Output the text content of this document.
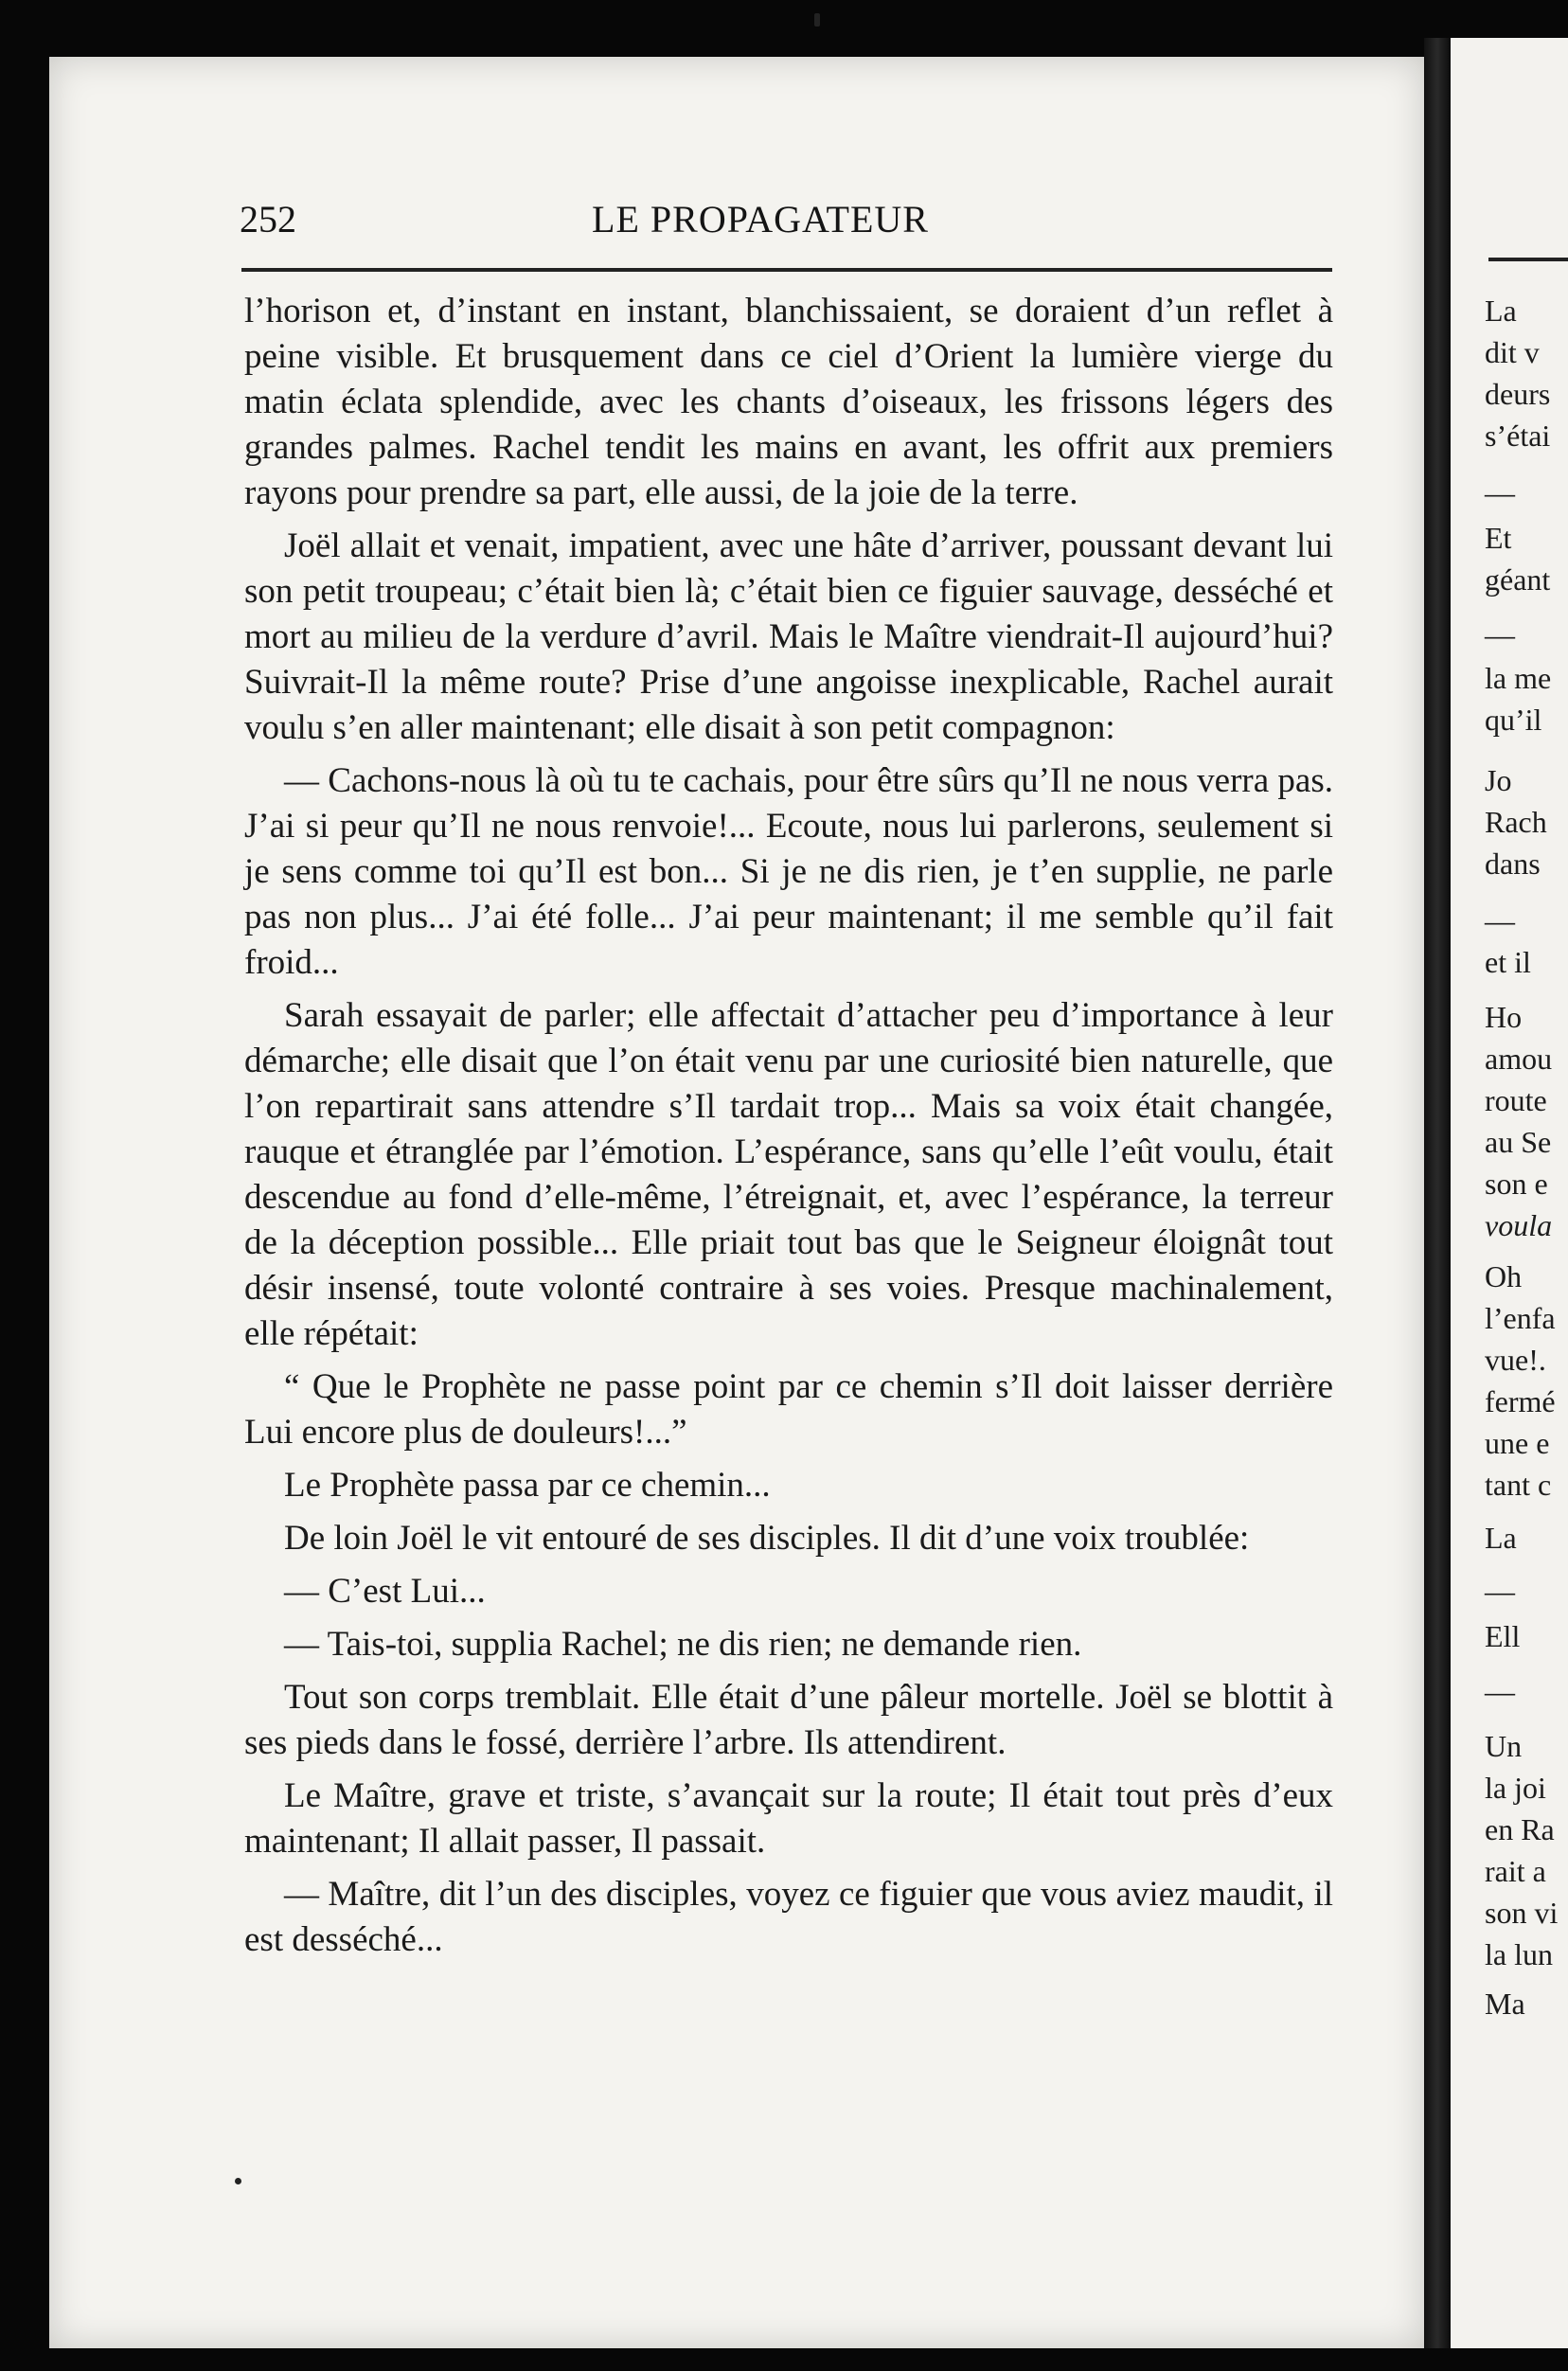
La
dit v
deurs
s’étai
—
Et
géant
—
la me
qu’il
Jo
Rach
dans
—
et il
Ho
amou
route
au Se
son e
voula
Oh
l’enfa
vue!.
fermé
une e
tant c
La
—
Ell
—
Un
la joi
en Ra
rait a
son vi
la lun
Ma
252	LE PROPAGATEUR

l’horison et, d’instant en instant, blanchissaient, se doraient d’un reflet à peine visible. Et brusquement dans ce ciel d’Orient la lumière vierge du matin éclata splendide, avec les chants d’oiseaux, les frissons légers des grandes palmes. Rachel tendit les mains en avant, les offrit aux premiers rayons pour prendre sa part, elle aussi, de la joie de la terre.

Joël allait et venait, impatient, avec une hâte d’arriver, poussant devant lui son petit troupeau; c’était bien là; c’était bien ce figuier sauvage, desséché et mort au milieu de la verdure d’avril. Mais le Maître viendrait-Il aujourd’hui? Suivrait-Il la même route? Prise d’une angoisse inexplicable, Rachel aurait voulu s’en aller maintenant; elle disait à son petit compagnon:

— Cachons-nous là où tu te cachais, pour être sûrs qu’Il ne nous verra pas. J’ai si peur qu’Il ne nous renvoie!... Ecoute, nous lui parlerons, seulement si je sens comme toi qu’Il est bon... Si je ne dis rien, je t’en supplie, ne parle pas non plus... J’ai été folle... J’ai peur maintenant; il me semble qu’il fait froid...

Sarah essayait de parler; elle affectait d’attacher peu d’importance à leur démarche; elle disait que l’on était venu par une curiosité bien naturelle, que l’on repartirait sans attendre s’Il tardait trop... Mais sa voix était changée, rauque et étranglée par l’émotion. L’espérance, sans qu’elle l’eût voulu, était descendue au fond d’elle-même, l’étreignait, et, avec l’espérance, la terreur de la déception possible... Elle priait tout bas que le Seigneur éloignât tout désir insensé, toute volonté contraire à ses voies. Presque machinalement, elle répétait:

“ Que le Prophète ne passe point par ce chemin s’Il doit laisser derrière Lui encore plus de douleurs!...”

Le Prophète passa par ce chemin...

De loin Joël le vit entouré de ses disciples. Il dit d’une voix troublée:

— C’est Lui...

— Tais-toi, supplia Rachel; ne dis rien; ne demande rien.

Tout son corps tremblait. Elle était d’une pâleur mortelle. Joël se blottit à ses pieds dans le fossé, derrière l’arbre. Ils attendirent.

Le Maître, grave et triste, s’avançait sur la route; Il était tout près d’eux maintenant; Il allait passer, Il passait.

— Maître, dit l’un des disciples, voyez ce figuier que vous aviez maudit, il est desséché...
